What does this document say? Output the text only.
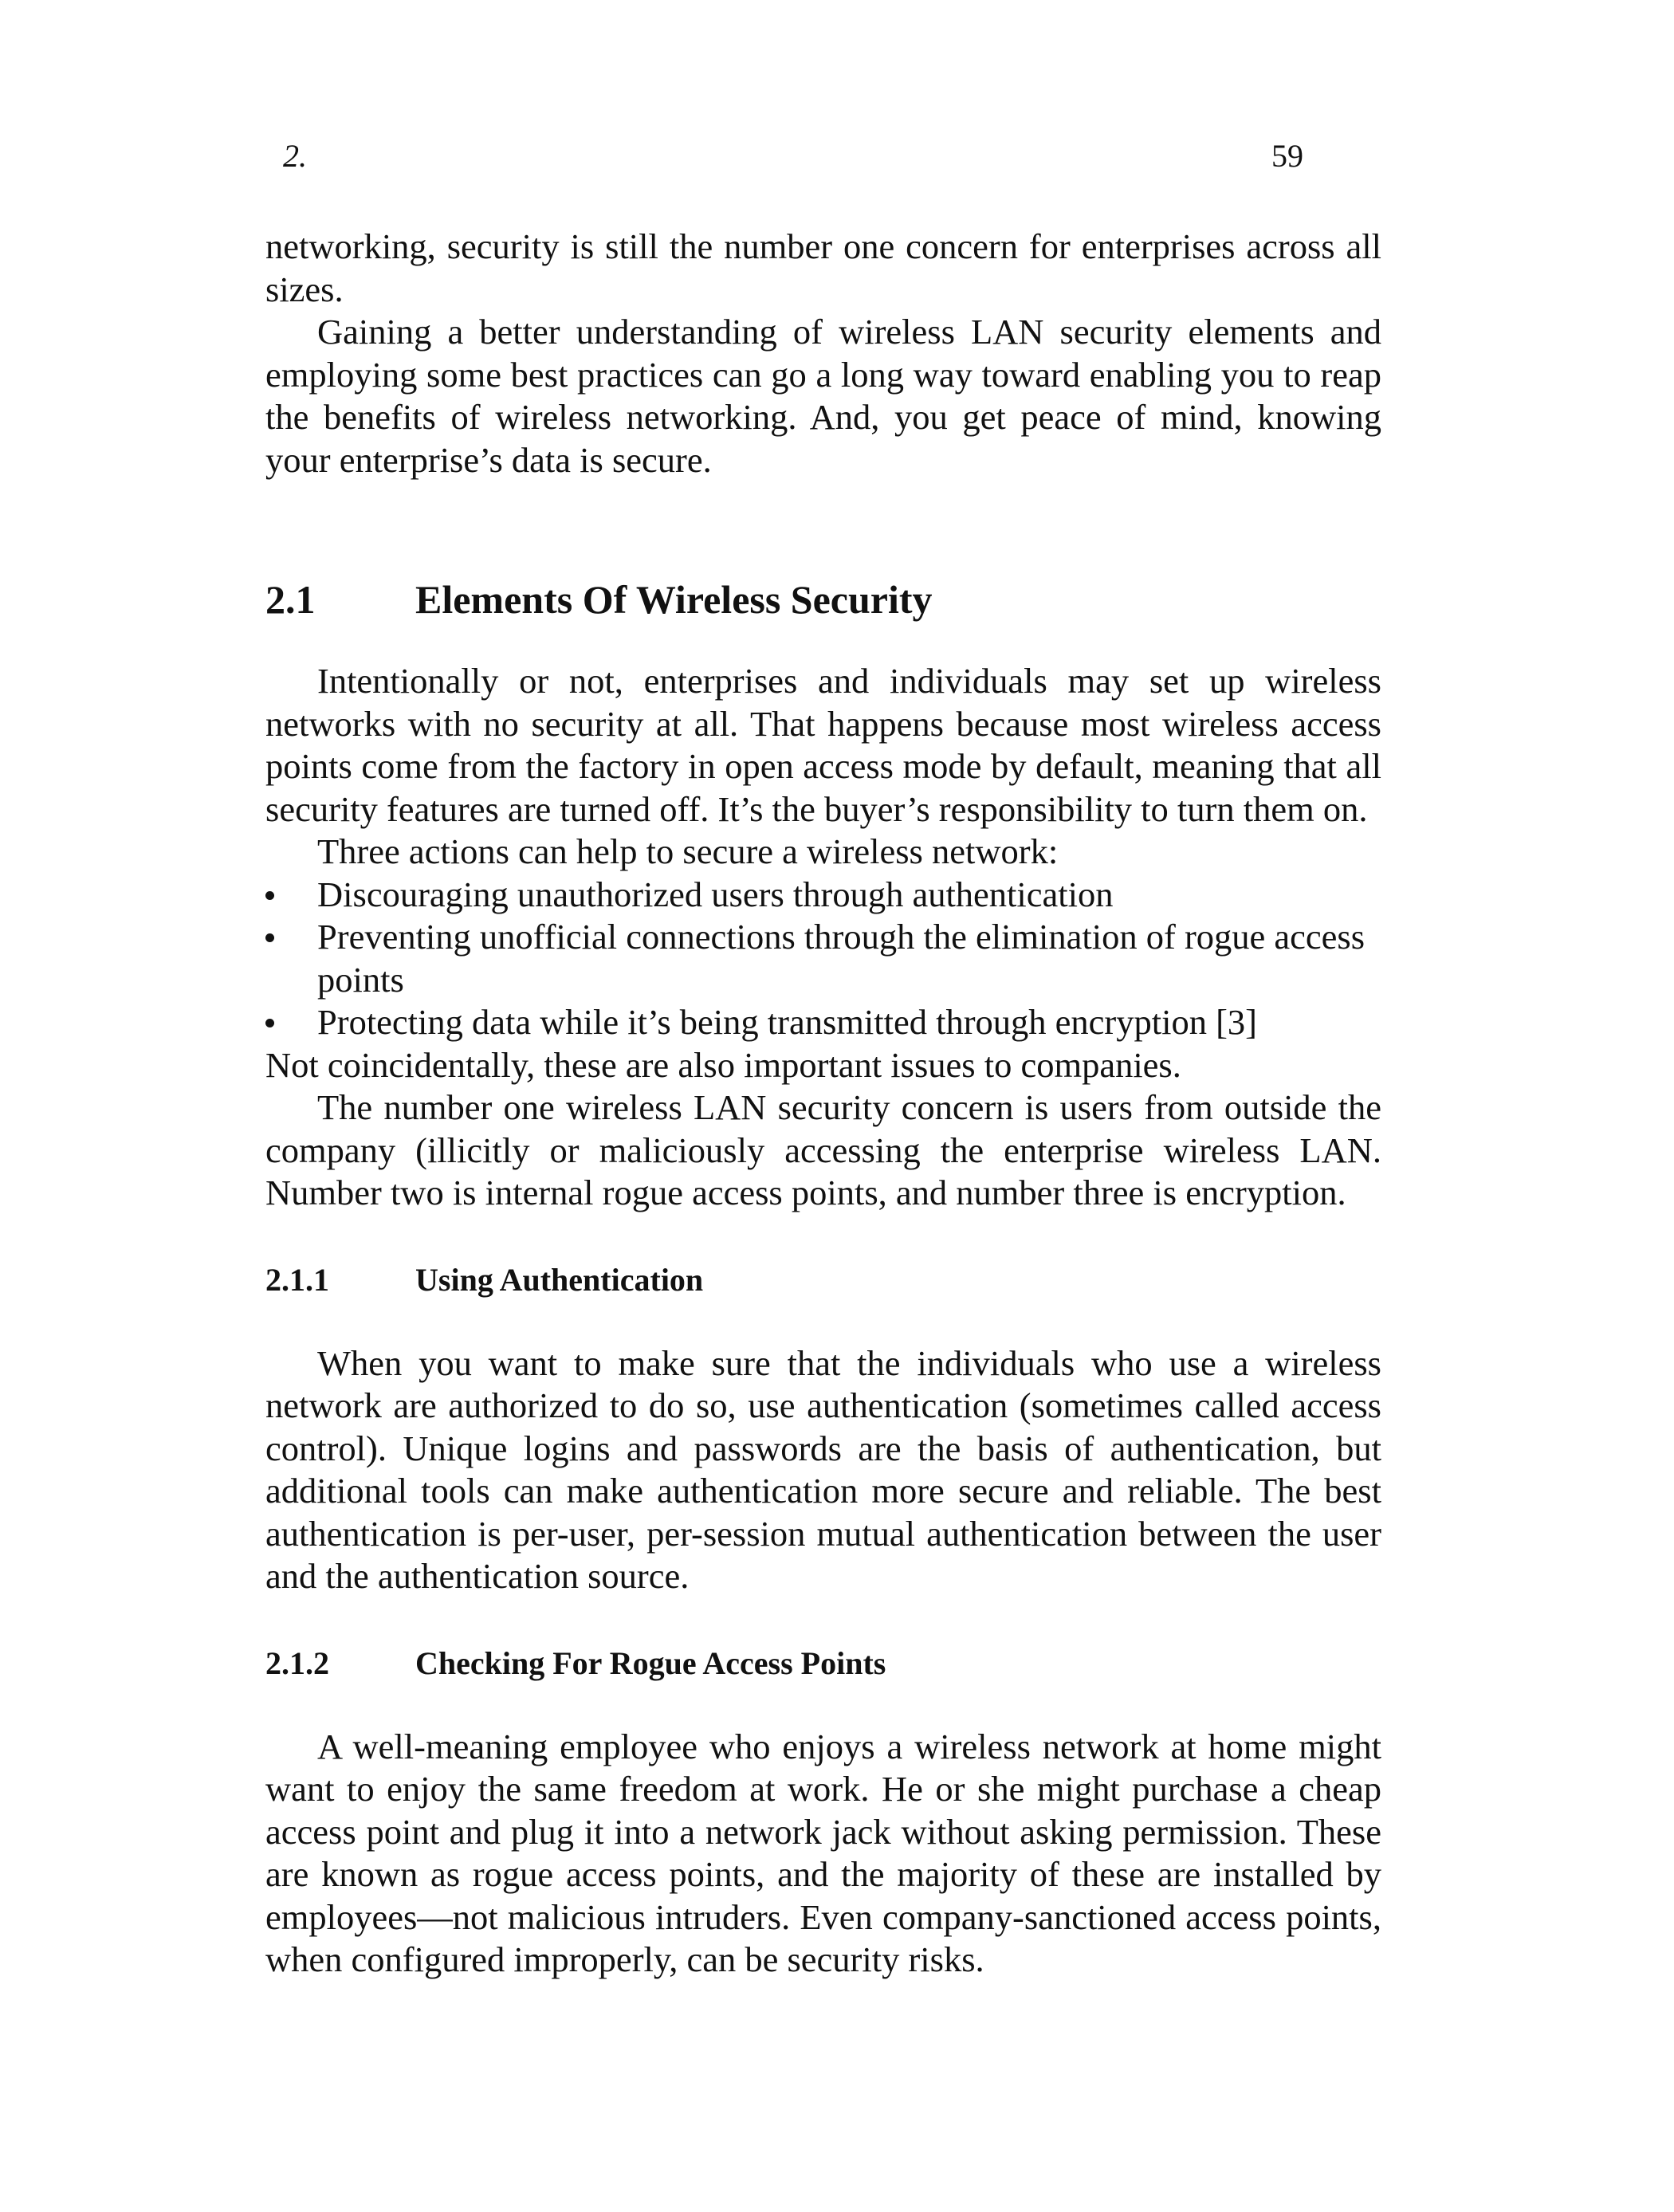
2.	59

networking, security is still the number one concern for enterprises across all sizes.

Gaining a better understanding of wireless LAN security elements and employing some best practices can go a long way toward enabling you to reap the benefits of wireless networking. And, you get peace of mind, knowing your enterprise’s data is secure.

2.1	Elements Of Wireless Security

Intentionally or not, enterprises and individuals may set up wireless networks with no security at all. That happens because most wireless access points come from the factory in open access mode by default, meaning that all security features are turned off. It’s the buyer’s responsibility to turn them on.

Three actions can help to secure a wireless network:

Discouraging unauthorized users through authentication
Preventing unofficial connections through the elimination of rogue access points
Protecting data while it’s being transmitted through encryption [3]

Not coincidentally, these are also important issues to companies.

The number one wireless LAN security concern is users from outside the company (illicitly or maliciously accessing the enterprise wireless LAN. Number two is internal rogue access points, and number three is encryption.

2.1.1	Using Authentication

When you want to make sure that the individuals who use a wireless network are authorized to do so, use authentication (sometimes called access control). Unique logins and passwords are the basis of authentication, but additional tools can make authentication more secure and reliable. The best authentication is per-user, per-session mutual authentication between the user and the authentication source.

2.1.2	Checking For Rogue Access Points

A well-meaning employee who enjoys a wireless network at home might want to enjoy the same freedom at work. He or she might purchase a cheap access point and plug it into a network jack without asking permission. These are known as rogue access points, and the majority of these are installed by employees—not malicious intruders. Even company-sanctioned access points, when configured improperly, can be security risks.
